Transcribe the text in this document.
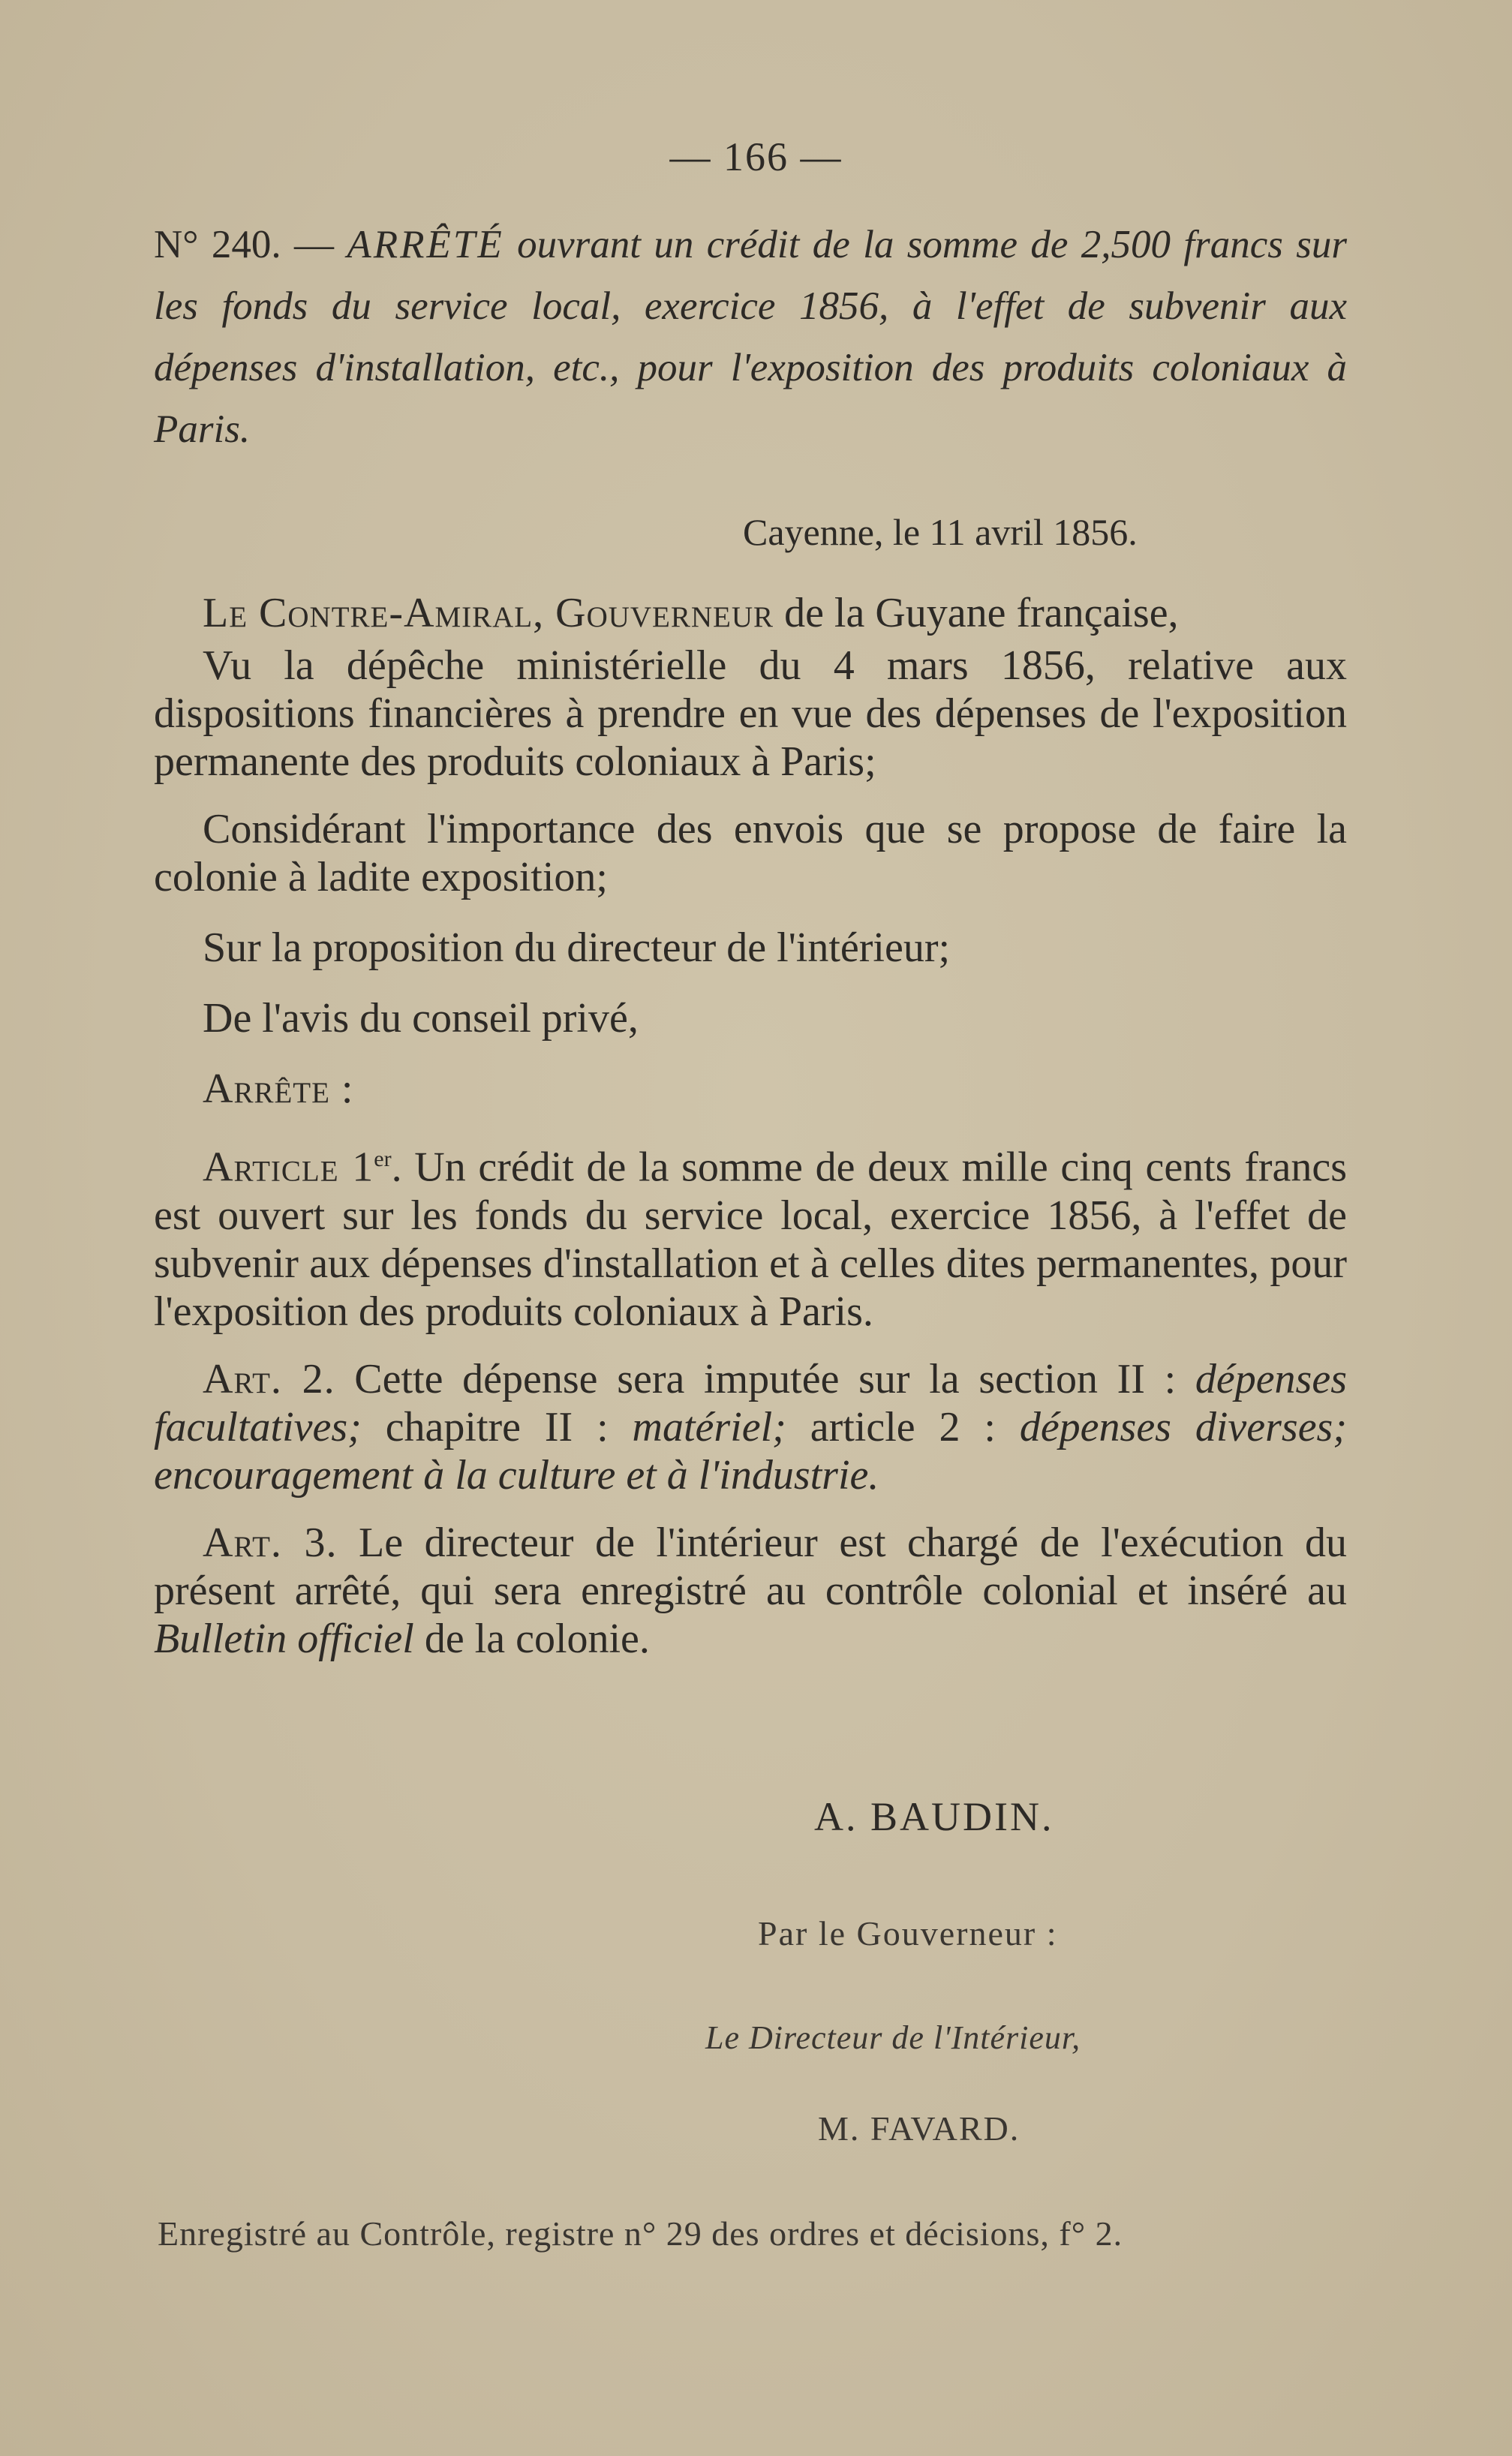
— 166 —
N° 240. — ARRÊTÉ ouvrant un crédit de la somme de 2,500 francs sur les fonds du service local, exercice 1856, à l'effet de subvenir aux dépenses d'installation, etc., pour l'exposition des produits coloniaux à Paris.
Cayenne, le 11 avril 1856.

Le Contre-Amiral, Gouverneur de la Guyane française,

Vu la dépêche ministérielle du 4 mars 1856, relative aux dispositions financières à prendre en vue des dépenses de l'exposition permanente des produits coloniaux à Paris;

Considérant l'importance des envois que se propose de faire la colonie à ladite exposition;

Sur la proposition du directeur de l'intérieur;

De l'avis du conseil privé,

Arrête :

Article 1er. Un crédit de la somme de deux mille cinq cents francs est ouvert sur les fonds du service local, exercice 1856, à l'effet de subvenir aux dépenses d'installation et à celles dites permanentes, pour l'exposition des produits coloniaux à Paris.

Art. 2. Cette dépense sera imputée sur la section II : dépenses facultatives; chapitre II : matériel; article 2 : dépenses diverses; encouragement à la culture et à l'industrie.

Art. 3. Le directeur de l'intérieur est chargé de l'exécution du présent arrêté, qui sera enregistré au contrôle colonial et inséré au Bulletin officiel de la colonie.

A. BAUDIN.
Par le Gouverneur :
Le Directeur de l'Intérieur,
M. FAVARD.
Enregistré au Contrôle, registre n° 29 des ordres et décisions, f° 2.
